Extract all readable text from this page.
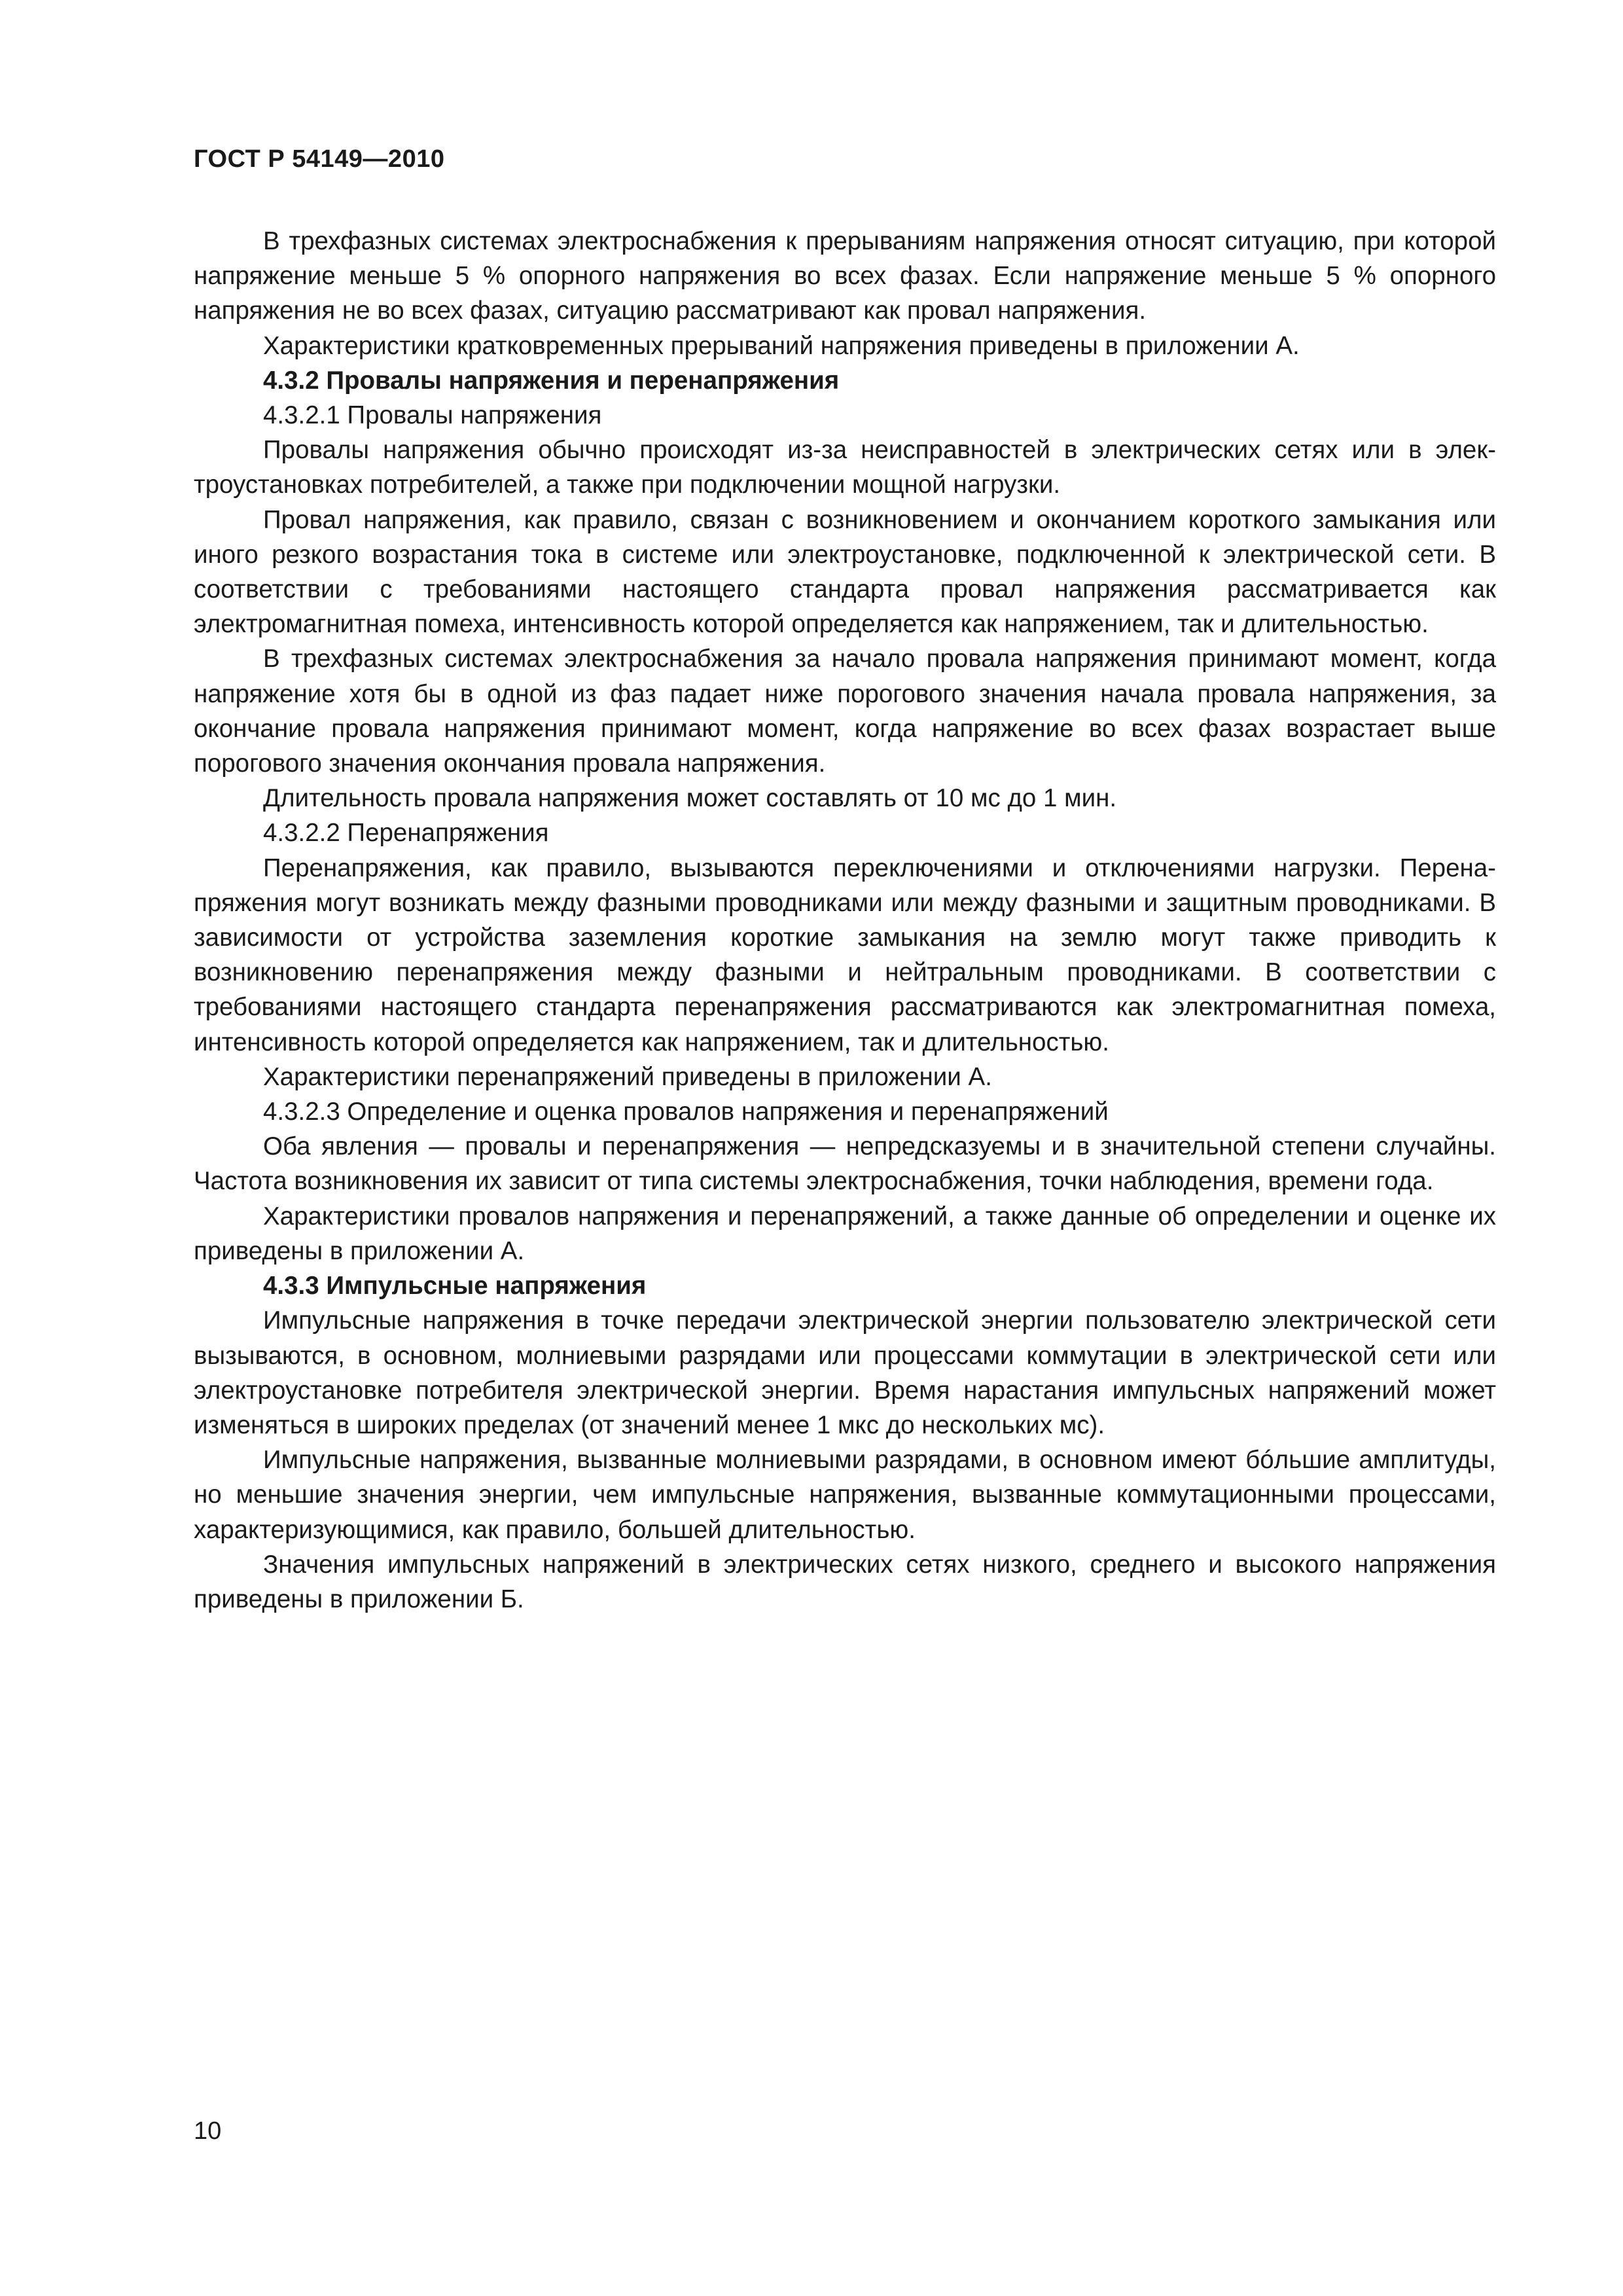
ГОСТ Р 54149—2010

В трехфазных системах электроснабжения к прерываниям напряжения относят ситуацию, при которой напряжение меньше 5 % опорного напряжения во всех фазах. Если напряжение меньше 5 % опорного напряжения не во всех фазах, ситуацию рассматривают как провал напряжения.

Характеристики кратковременных прерываний напряжения приведены в приложении А.

4.3.2 Провалы напряжения и перенапряжения

4.3.2.1 Провалы напряжения

Провалы напряжения обычно происходят из-за неисправностей в электрических сетях или в электроустановках потребителей, а также при подключении мощной нагрузки.

Провал напряжения, как правило, связан с возникновением и окончанием короткого замыкания или иного резкого возрастания тока в системе или электроустановке, подключенной к электрической сети. В соответствии с требованиями настоящего стандарта провал напряжения рассматривается как электромагнитная помеха, интенсивность которой определяется как напряжением, так и длительностью.

В трехфазных системах электроснабжения за начало провала напряжения принимают момент, когда напряжение хотя бы в одной из фаз падает ниже порогового значения начала провала напряжения, за окончание провала напряжения принимают момент, когда напряжение во всех фазах возрастает выше порогового значения окончания провала напряжения.

Длительность провала напряжения может составлять от 10 мс до 1 мин.

4.3.2.2 Перенапряжения

Перенапряжения, как правило, вызываются переключениями и отключениями нагрузки. Перенапряжения могут возникать между фазными проводниками или между фазными и защитным проводниками. В зависимости от устройства заземления короткие замыкания на землю могут также приводить к возникновению перенапряжения между фазными и нейтральным проводниками. В соответствии с требованиями настоящего стандарта перенапряжения рассматриваются как электромагнитная помеха, интенсивность которой определяется как напряжением, так и длительностью.

Характеристики перенапряжений приведены в приложении А.

4.3.2.3 Определение и оценка провалов напряжения и перенапряжений

Оба явления — провалы и перенапряжения — непредсказуемы и в значительной степени случайны. Частота возникновения их зависит от типа системы электроснабжения, точки наблюдения, времени года.

Характеристики провалов напряжения и перенапряжений, а также данные об определении и оценке их приведены в приложении А.

4.3.3 Импульсные напряжения

Импульсные напряжения в точке передачи электрической энергии пользователю электрической сети вызываются, в основном, молниевыми разрядами или процессами коммутации в электрической сети или электроустановке потребителя электрической энергии. Время нарастания импульсных напряжений может изменяться в широких пределах (от значений менее 1 мкс до нескольких мс).

Импульсные напряжения, вызванные молниевыми разрядами, в основном имеют бóльшие амплитуды, но меньшие значения энергии, чем импульсные напряжения, вызванные коммутационными процессами, характеризующимися, как правило, большей длительностью.

Значения импульсных напряжений в электрических сетях низкого, среднего и высокого напряжения приведены в приложении Б.

10
